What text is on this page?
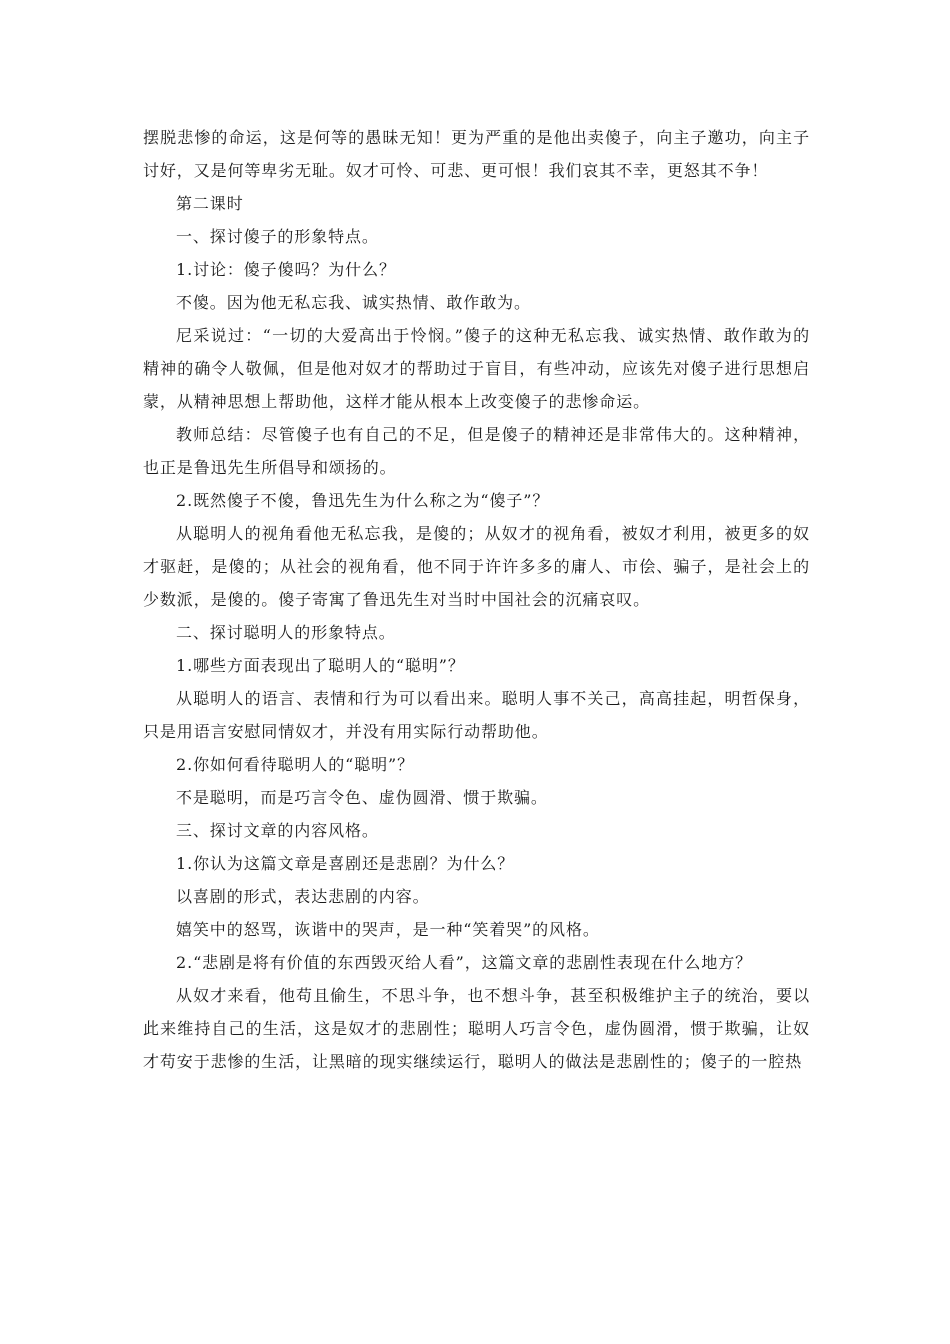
摆脱悲惨的命运，这是何等的愚昧无知！更为严重的是他出卖傻子，向主子邀功，向主子讨好，又是何等卑劣无耻。奴才可怜、可悲、更可恨！我们哀其不幸，更怒其不争！

第二课时

一、探讨傻子的形象特点。

1.讨论：傻子傻吗？为什么？

不傻。因为他无私忘我、诚实热情、敢作敢为。

尼采说过：“一切的大爱高出于怜悯。”傻子的这种无私忘我、诚实热情、敢作敢为的精神的确令人敬佩，但是他对奴才的帮助过于盲目，有些冲动，应该先对傻子进行思想启蒙，从精神思想上帮助他，这样才能从根本上改变傻子的悲惨命运。

教师总结：尽管傻子也有自己的不足，但是傻子的精神还是非常伟大的。这种精神，也正是鲁迅先生所倡导和颂扬的。

2.既然傻子不傻，鲁迅先生为什么称之为“傻子”？

从聪明人的视角看他无私忘我，是傻的；从奴才的视角看，被奴才利用，被更多的奴才驱赶，是傻的；从社会的视角看，他不同于许许多多的庸人、市侩、骗子，是社会上的少数派，是傻的。傻子寄寓了鲁迅先生对当时中国社会的沉痛哀叹。

二、探讨聪明人的形象特点。

1.哪些方面表现出了聪明人的“聪明”？

从聪明人的语言、表情和行为可以看出来。聪明人事不关己，高高挂起，明哲保身，只是用语言安慰同情奴才，并没有用实际行动帮助他。

2.你如何看待聪明人的“聪明”？

不是聪明，而是巧言令色、虚伪圆滑、惯于欺骗。

三、探讨文章的内容风格。

1.你认为这篇文章是喜剧还是悲剧？为什么？

以喜剧的形式，表达悲剧的内容。

嬉笑中的怒骂，诙谐中的哭声，是一种“笑着哭”的风格。

2.“悲剧是将有价值的东西毁灭给人看”，这篇文章的悲剧性表现在什么地方？

从奴才来看，他苟且偷生，不思斗争，也不想斗争，甚至积极维护主子的统治，要以此来维持自己的生活，这是奴才的悲剧性；聪明人巧言令色，虚伪圆滑，惯于欺骗，让奴才苟安于悲惨的生活，让黑暗的现实继续运行，聪明人的做法是悲剧性的；傻子的一腔热
